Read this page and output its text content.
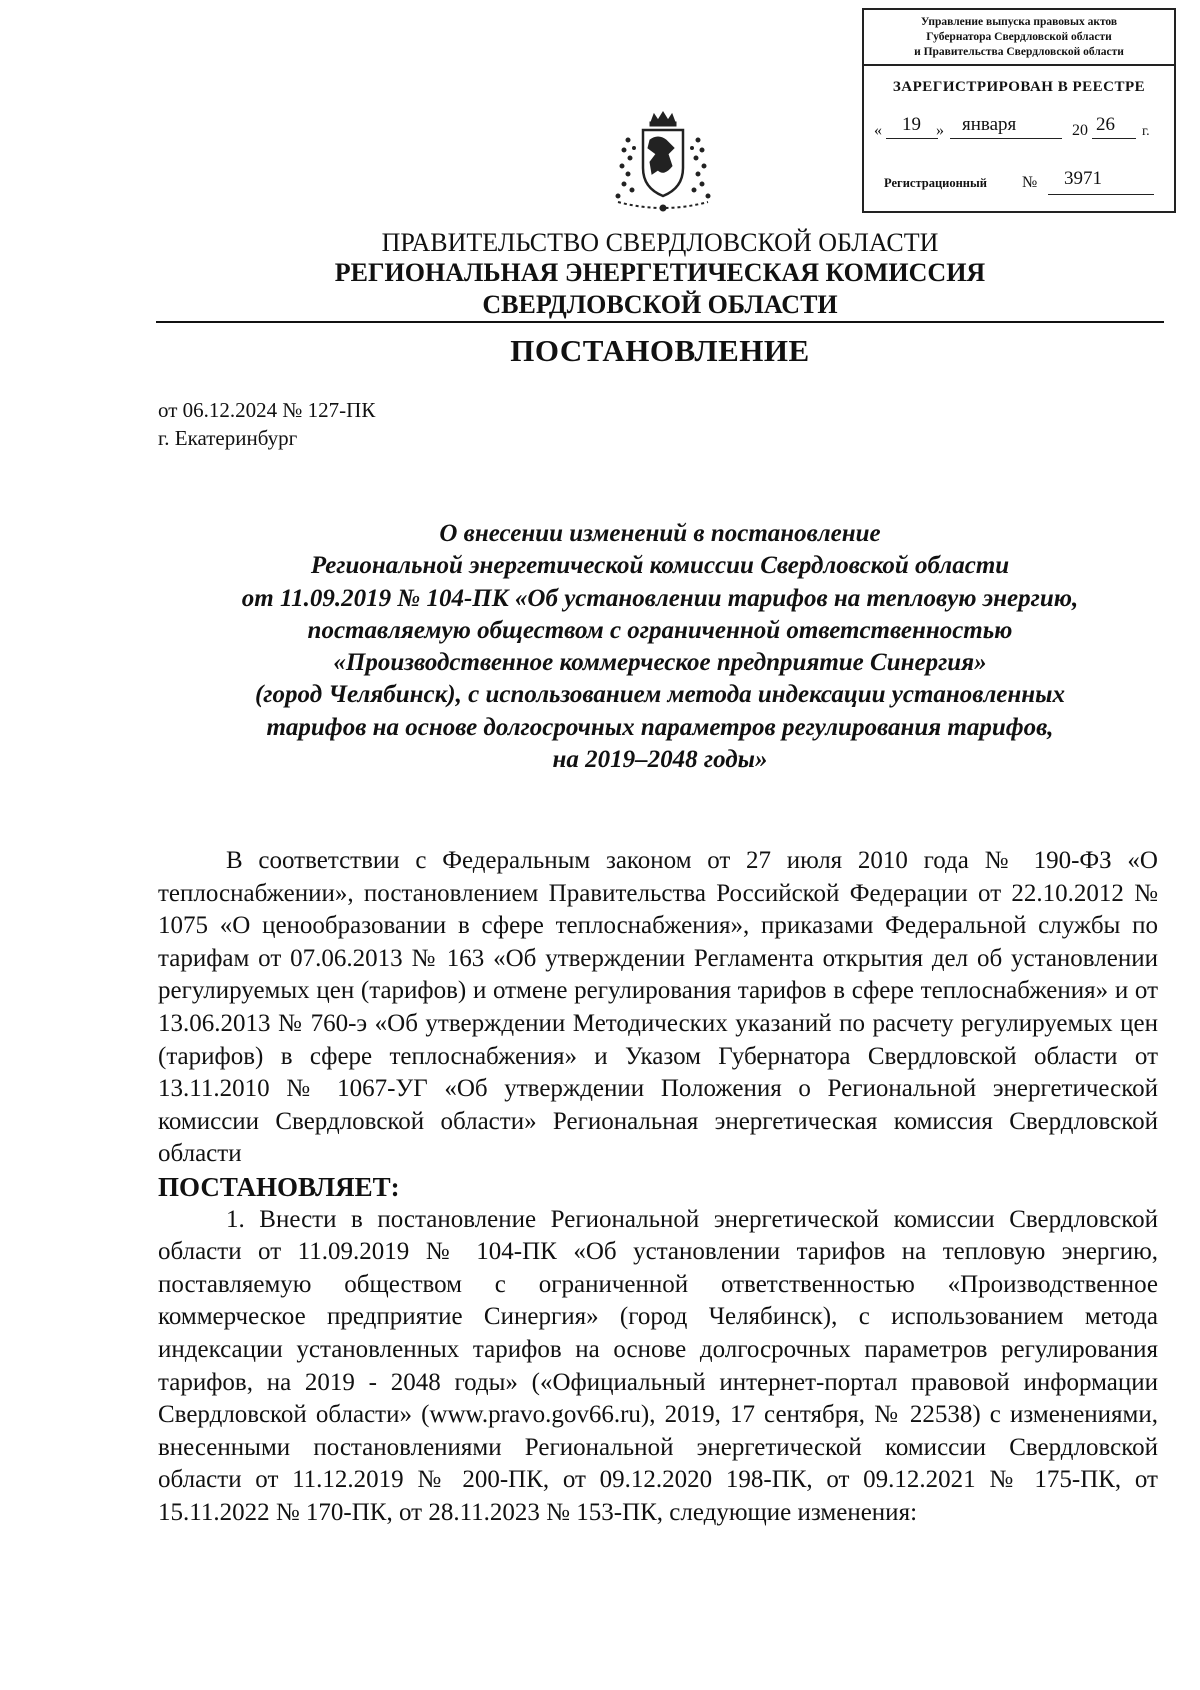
Управление выпуска правовых актов
Губернатора Свердловской области
и Правительства Свердловской области
ЗАРЕГИСТРИРОВАН В РЕЕСТРЕ
« 19 » января	20 26 г.
Регистрационный № 3971
ПРАВИТЕЛЬСТВО СВЕРДЛОВСКОЙ ОБЛАСТИ
РЕГИОНАЛЬНАЯ ЭНЕРГЕТИЧЕСКАЯ КОМИССИЯ
СВЕРДЛОВСКОЙ ОБЛАСТИ
ПОСТАНОВЛЕНИЕ
от 06.12.2024 № 127-ПК
г. Екатеринбург
О внесении изменений в постановление
Региональной энергетической комиссии Свердловской области
от 11.09.2019 № 104-ПК «Об установлении тарифов на тепловую энергию,
поставляемую обществом с ограниченной ответственностью
«Производственное коммерческое предприятие Синергия»
(город Челябинск), с использованием метода индексации установленных
тарифов на основе долгосрочных параметров регулирования тарифов,
на 2019–2048 годы»

В соответствии с Федеральным законом от 27 июля 2010 года № 190-ФЗ «О теплоснабжении», постановлением Правительства Российской Федерации от 22.10.2012 № 1075 «О ценообразовании в сфере теплоснабжения», приказами Федеральной службы по тарифам от 07.06.2013 № 163 «Об утверждении Регламента открытия дел об установлении регулируемых цен (тарифов) и отмене регулирования тарифов в сфере теплоснабжения» и от 13.06.2013 № 760-э «Об утверждении Методических указаний по расчету регулируемых цен (тарифов) в сфере теплоснабжения» и Указом Губернатора Свердловской области от 13.11.2010 № 1067-УГ «Об утверждении Положения о Региональной энергетической комиссии Свердловской области» Региональная энергетическая комиссия Свердловской области

ПОСТАНОВЛЯЕТ:

1. Внести в постановление Региональной энергетической комиссии Свердловской области от 11.09.2019 № 104-ПК «Об установлении тарифов на тепловую энергию, поставляемую обществом с ограниченной ответственностью «Производственное коммерческое предприятие Синергия» (город Челябинск), с использованием метода индексации установленных тарифов на основе долгосрочных параметров регулирования тарифов, на 2019 - 2048 годы» («Официальный интернет-портал правовой информации Свердловской области» (www.pravo.gov66.ru), 2019, 17 сентября, № 22538) с изменениями, внесенными постановлениями Региональной энергетической комиссии Свердловской области от 11.12.2019 № 200-ПК, от 09.12.2020 198-ПК, от 09.12.2021 № 175-ПК, от 15.11.2022 № 170-ПК, от 28.11.2023 № 153-ПК, следующие изменения:
